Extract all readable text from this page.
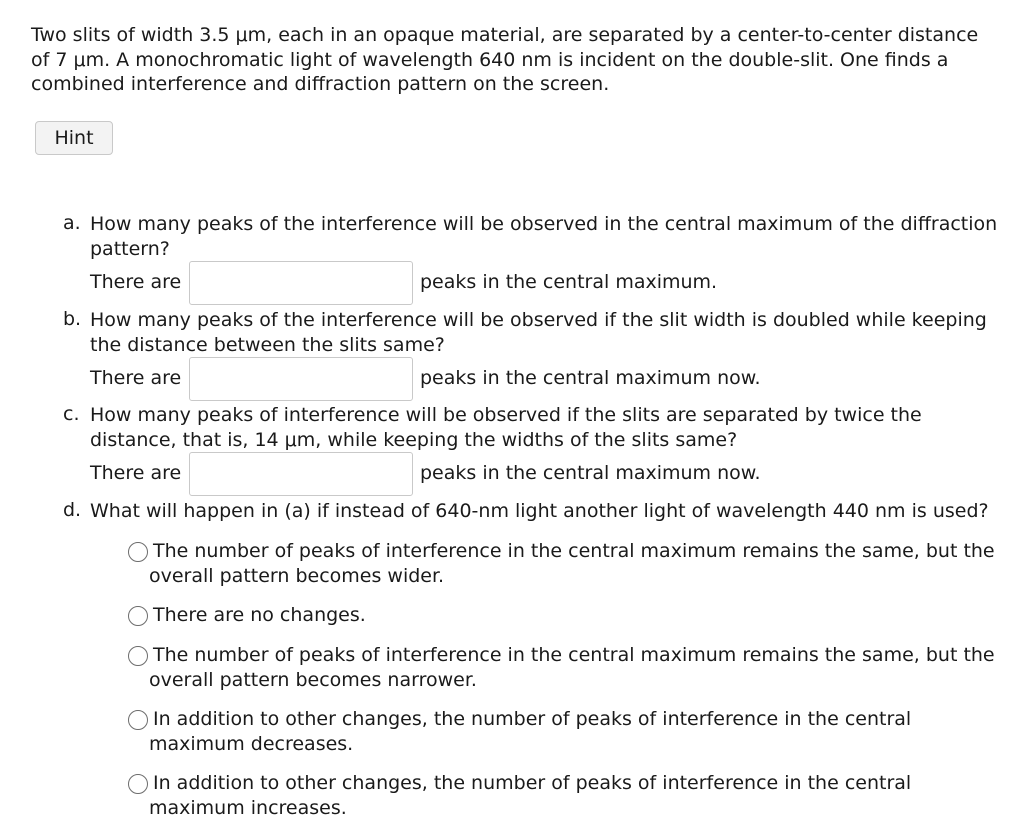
Two slits of width 3.5 μm, each in an opaque material, are separated by a center-to-center distance of 7 μm. A monochromatic light of wavelength 640 nm is incident on the double-slit. One finds a combined interference and diffraction pattern on the screen.

Hint
a. How many peaks of the interference will be observed in the central maximum of the diffraction pattern?
There are	peaks in the central maximum.
b. How many peaks of the interference will be observed if the slit width is doubled while keeping the distance between the slits same?
There are	peaks in the central maximum now.
c. How many peaks of interference will be observed if the slits are separated by twice the distance, that is, 14 μm, while keeping the widths of the slits same?
There are	peaks in the central maximum now.
d. What will happen in (a) if instead of 640-nm light another light of wavelength 440 nm is used?
The number of peaks of interference in the central maximum remains the same, but the overall pattern becomes wider.
There are no changes.
The number of peaks of interference in the central maximum remains the same, but the overall pattern becomes narrower.
In addition to other changes, the number of peaks of interference in the central maximum decreases.
In addition to other changes, the number of peaks of interference in the central maximum increases.
